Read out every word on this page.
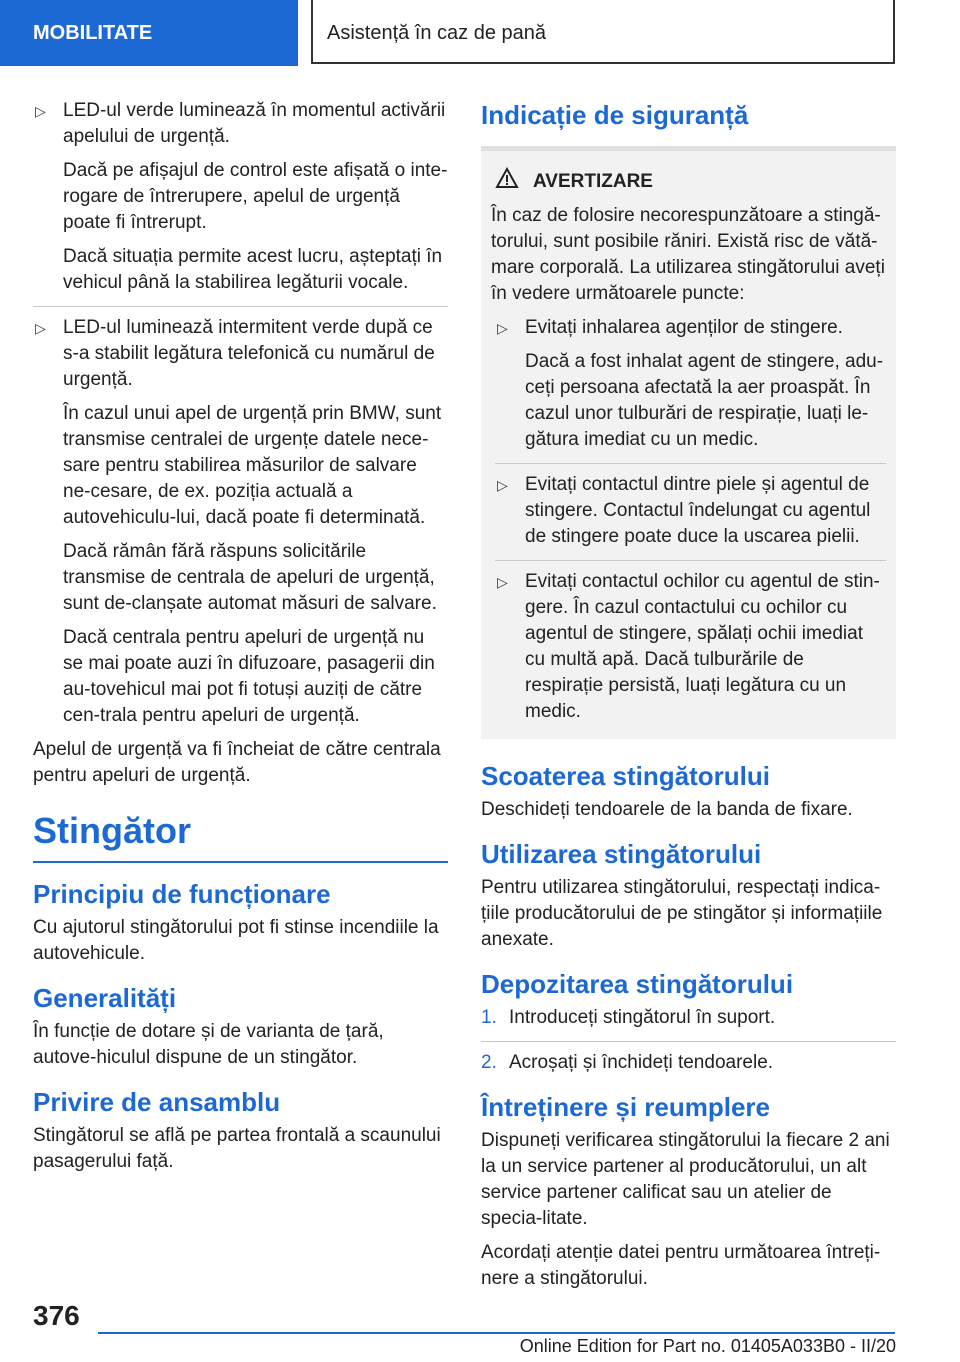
MOBILITATE	Asistență în caz de pană

▷ LED-ul verde luminează în momentul activării apelului de urgență.

Dacă pe afișajul de control este afișată o inte-rogare de întrerupere, apelul de urgență poate fi întrerupt.

Dacă situația permite acest lucru, așteptați în vehicul până la stabilirea legăturii vocale.

▷ LED-ul luminează intermitent verde după ce s-a stabilit legătura telefonică cu numărul de urgență.

În cazul unui apel de urgență prin BMW, sunt transmise centralei de urgențe datele nece-sare pentru stabilirea măsurilor de salvare ne-cesare, de ex. poziția actuală a autovehiculu-lui, dacă poate fi determinată.

Dacă rămân fără răspuns solicitările transmise de centrala de apeluri de urgență, sunt de-clanșate automat măsuri de salvare.

Dacă centrala pentru apeluri de urgență nu se mai poate auzi în difuzoare, pasagerii din au-tovehicul mai pot fi totuși auziți de către cen-trala pentru apeluri de urgență.

Apelul de urgență va fi încheiat de către centrala pentru apeluri de urgență.

Stingător
Principiu de funcționare

Cu ajutorul stingătorului pot fi stinse incendiile la autovehicule.

Generalități

În funcție de dotare și de varianta de țară, autove-hiculul dispune de un stingător.

Privire de ansamblu

Stingătorul se află pe partea frontală a scaunului pasagerului față.

Indicație de siguranță
AVERTIZARE

În caz de folosire necorespunzătoare a stingă-torului, sunt posibile răniri. Există risc de vătă-mare corporală. La utilizarea stingătorului aveți în vedere următoarele puncte:

▷ Evitați inhalarea agenților de stingere.

Dacă a fost inhalat agent de stingere, adu-ceți persoana afectată la aer proaspăt. În cazul unor tulburări de respirație, luați le-gătura imediat cu un medic.

▷ Evitați contactul dintre piele și agentul de stingere. Contactul îndelungat cu agentul de stingere poate duce la uscarea pielii.

▷ Evitați contactul ochilor cu agentul de stin-gere. În cazul contactului cu ochilor cu agentul de stingere, spălați ochii imediat cu multă apă. Dacă tulburările de respirație persistă, luați legătura cu un medic.

Scoaterea stingătorului

Deschideți tendoarele de la banda de fixare.

Utilizarea stingătorului

Pentru utilizarea stingătorului, respectați indica-țiile producătorului de pe stingător și informațiile anexate.

Depozitarea stingătorului

1. Introduceți stingătorul în suport.

2. Acroșați și închideți tendoarele.

Întreținere și reumplere

Dispuneți verificarea stingătorului la fiecare 2 ani la un service partener al producătorului, un alt service partener calificat sau un atelier de specia-litate.

Acordați atenție datei pentru următoarea întreți-nere a stingătorului.

376
Online Edition for Part no. 01405A033B0 - II/20
